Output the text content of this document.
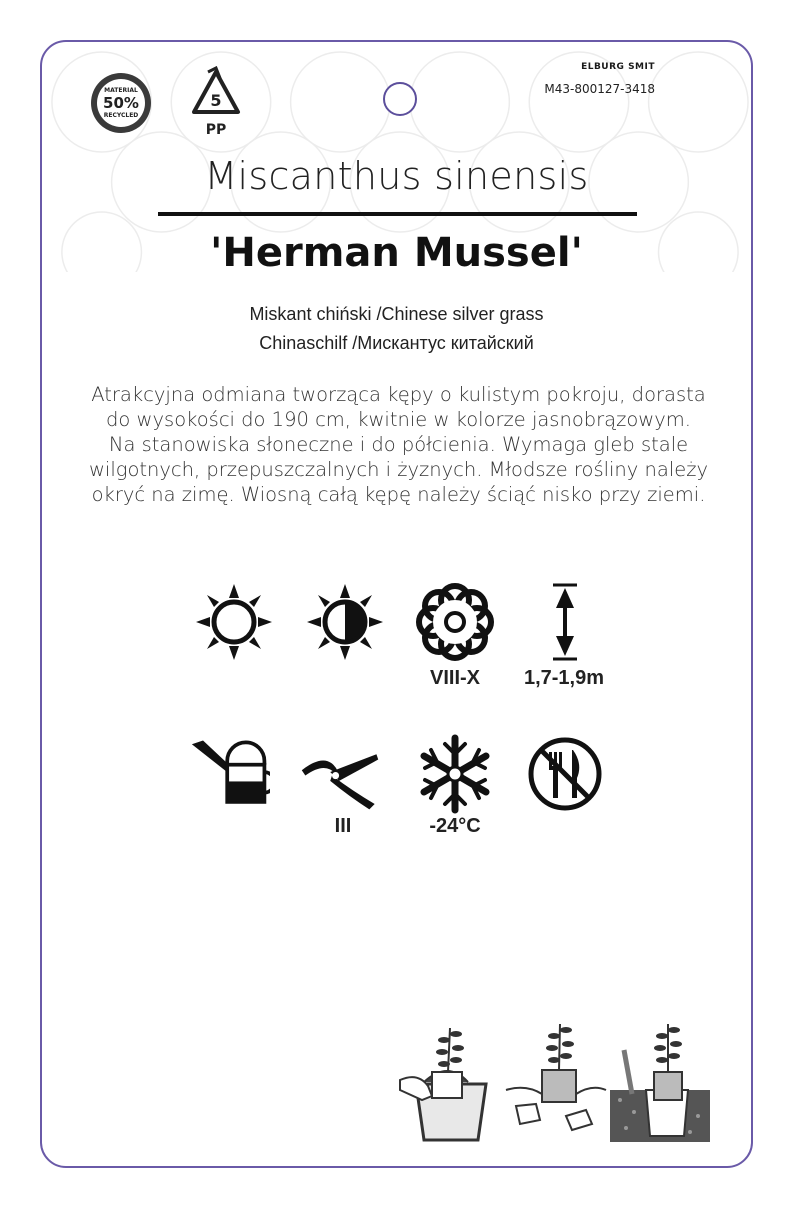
MATERIAL
50%
RECYCLED
5
PP
ELBURG SMIT
M43-800127-3418
Miscanthus sinensis
'Herman Mussel'
Miskant chiński /Chinese silver grass
Chinaschilf /Мискантус китайский
Atrakcyjna odmiana tworząca kępy o kulistym pokroju, dorasta
do wysokości do 190 cm, kwitnie w kolorze jasnobrązowym.
Na stanowiska słoneczne i do półcienia. Wymaga gleb stale
wilgotnych, przepuszczalnych i żyznych. Młodsze rośliny należy
okryć na zimę. Wiosną całą kępę należy ściąć nisko przy ziemi.
VIII-X	1,7-1,9m
III	-24°C
